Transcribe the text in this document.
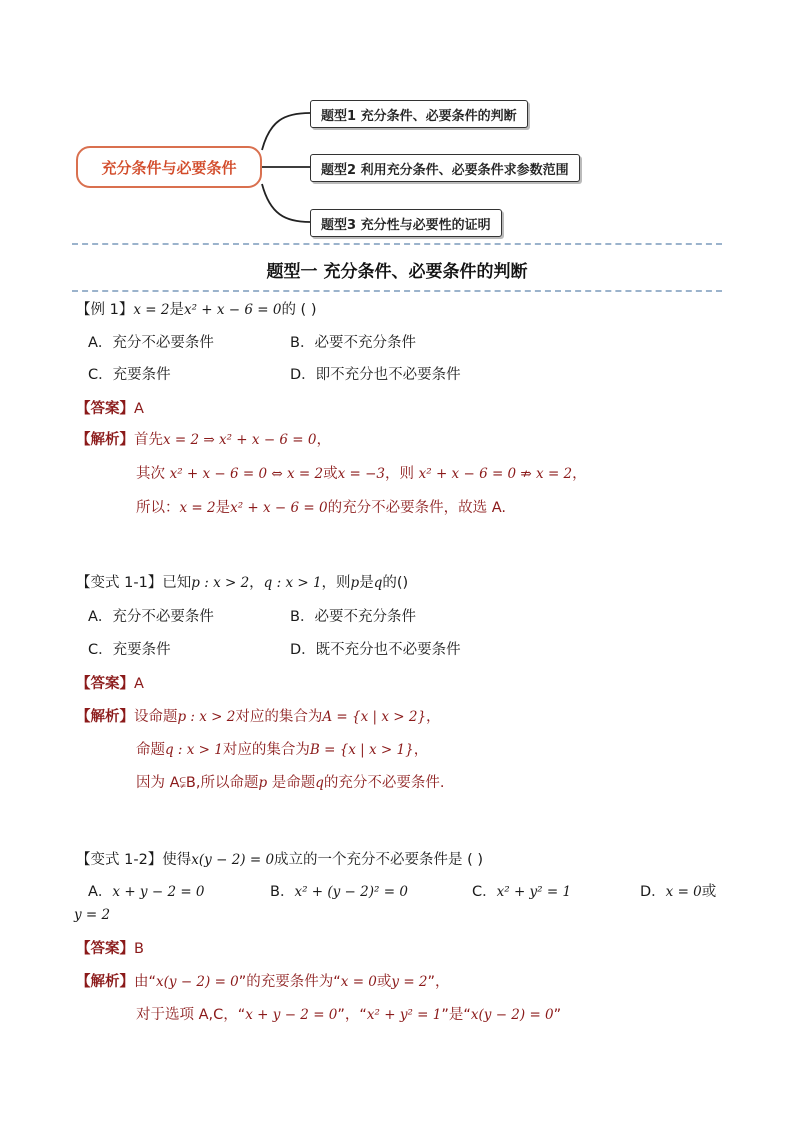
充分条件与必要条件
题型1 充分条件、必要条件的判断
题型2 利用充分条件、必要条件求参数范围
题型3 充分性与必要性的证明
题型一 充分条件、必要条件的判断
【例 1】x = 2是x² + x − 6 = 0的 ( )
A．充分不必要条件	B．必要不充分条件
C．充要条件	D．即不充分也不必要条件
【答案】A
【解析】首先x = 2 ⇒ x² + x − 6 = 0，
其次 x² + x − 6 = 0 ⇔ x = 2或x = −3，则 x² + x − 6 = 0 ⇏ x = 2，
所以：x = 2是x² + x − 6 = 0的充分不必要条件，故选 A.
【变式 1-1】已知p : x > 2，q : x > 1，则p是q的()
A．充分不必要条件	B．必要不充分条件
C．充要条件	D．既不充分也不必要条件
【答案】A
【解析】设命题p : x > 2对应的集合为A = {x | x > 2}，
命题q : x > 1对应的集合为B = {x | x > 1}，
因为 A⫋B,所以命题p 是命题q的充分不必要条件.
【变式 1-2】使得x(y − 2) = 0成立的一个充分不必要条件是 ( )
A．x + y − 2 = 0	B．x² + (y − 2)² = 0	C．x² + y² = 1	D．x = 0或
y = 2
【答案】B
【解析】由“x(y − 2) = 0”的充要条件为“x = 0或y = 2”，
对于选项 A,C，“x + y − 2 = 0”，“x² + y² = 1”是“x(y − 2) = 0”
